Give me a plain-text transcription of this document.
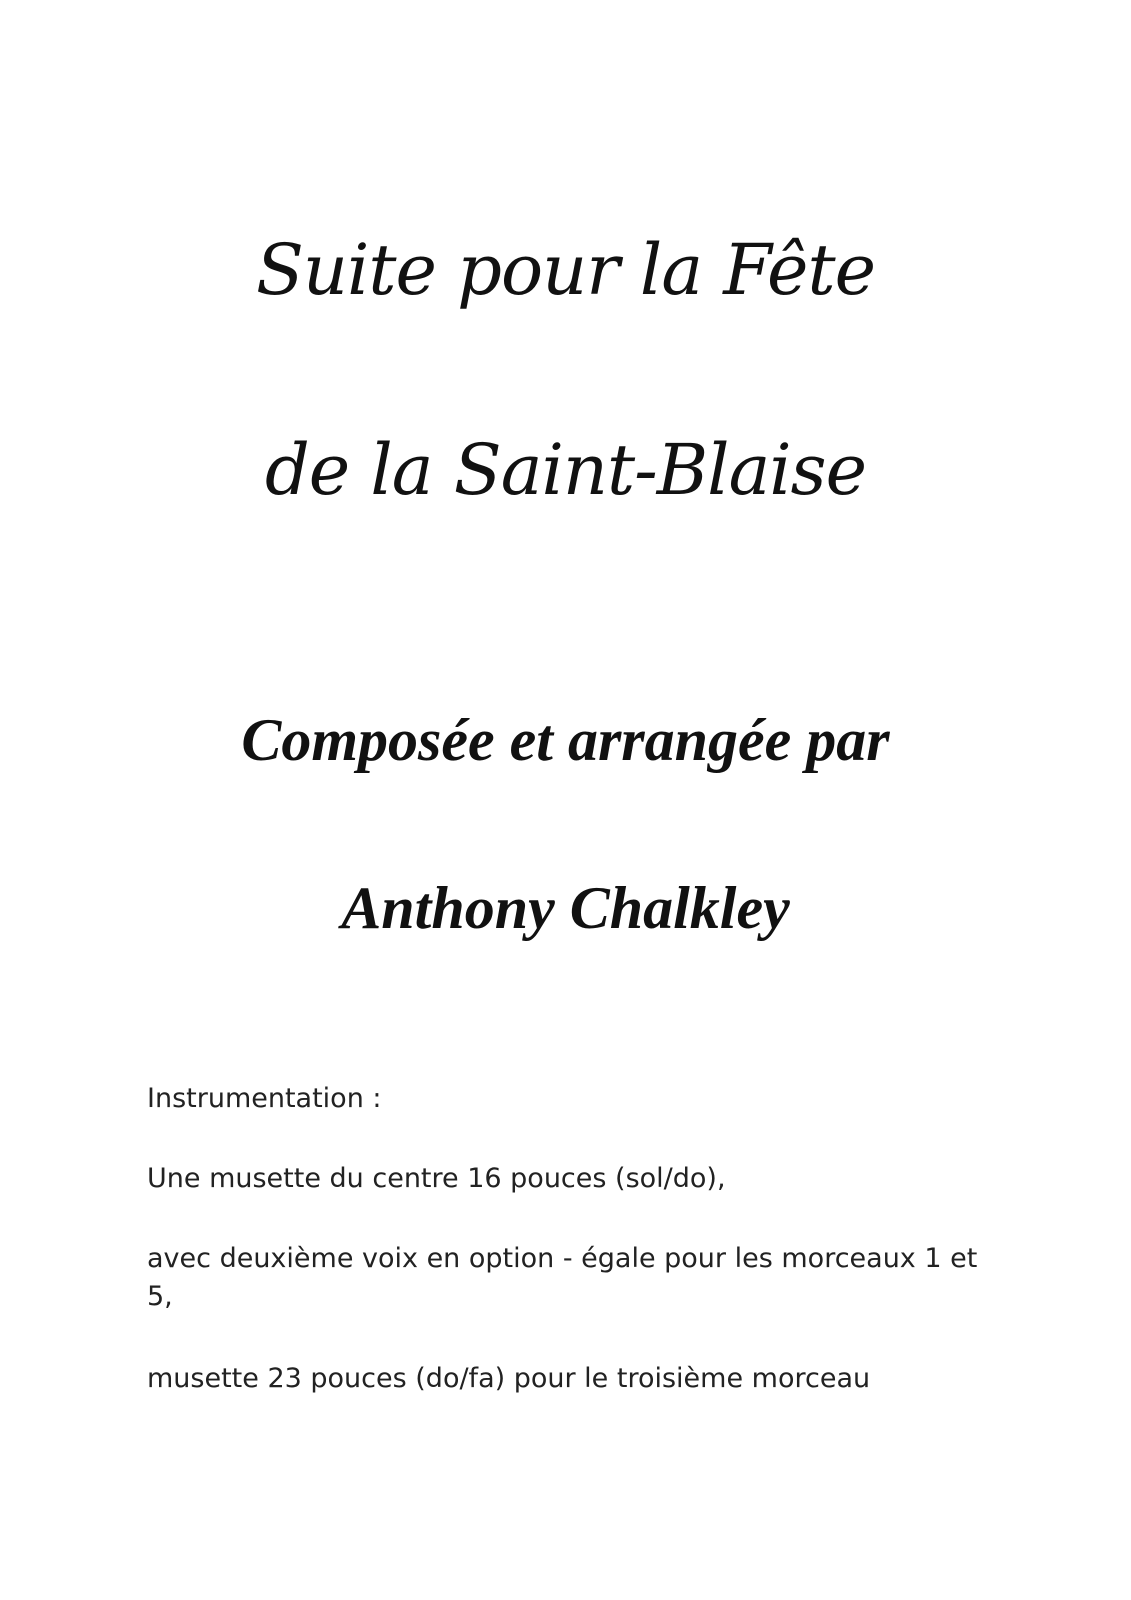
Suite pour la Fête
de la Saint-Blaise
Composée et arrangée par
Anthony Chalkley
Instrumentation :
Une musette du centre 16 pouces (sol/do),
avec deuxième voix en option - égale pour les morceaux 1 et 5,
musette 23 pouces (do/fa) pour le troisième morceau
